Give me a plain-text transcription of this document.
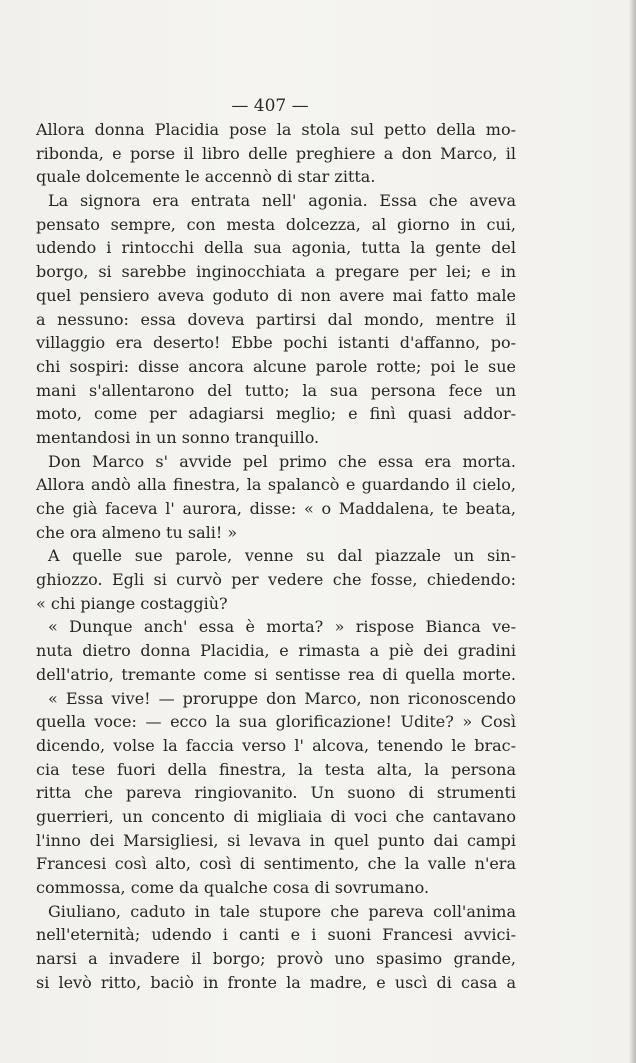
— 407 —
Allora donna Placidia pose la stola sul petto della mo-
ribonda, e porse il libro delle preghiere a don Marco, il
quale dolcemente le accennò di star zitta.
La signora era entrata nell' agonia. Essa che aveva
pensato sempre, con mesta dolcezza, al giorno in cui,
udendo i rintocchi della sua agonia, tutta la gente del
borgo, si sarebbe inginocchiata a pregare per lei; e in
quel pensiero aveva goduto di non avere mai fatto male
a nessuno: essa doveva partirsi dal mondo, mentre il
villaggio era deserto! Ebbe pochi istanti d'affanno, po-
chi sospiri: disse ancora alcune parole rotte; poi le sue
mani s'allentarono del tutto; la sua persona fece un
moto, come per adagiarsi meglio; e finì quasi addor-
mentandosi in un sonno tranquillo.
Don Marco s' avvide pel primo che essa era morta.
Allora andò alla finestra, la spalancò e guardando il cielo,
che già faceva l' aurora, disse: « o Maddalena, te beata,
che ora almeno tu sali! »
A quelle sue parole, venne su dal piazzale un sin-
ghiozzo. Egli si curvò per vedere che fosse, chiedendo:
« chi piange costaggiù?
« Dunque anch' essa è morta? » rispose Bianca ve-
nuta dietro donna Placidia, e rimasta a piè dei gradini
dell'atrio, tremante come si sentisse rea di quella morte.
« Essa vive! — proruppe don Marco, non riconoscendo
quella voce: — ecco la sua glorificazione! Udite? » Così
dicendo, volse la faccia verso l' alcova, tenendo le brac-
cia tese fuori della finestra, la testa alta, la persona
ritta che pareva ringiovanito. Un suono di strumenti
guerrieri, un concento di migliaia di voci che cantavano
l'inno dei Marsigliesi, si levava in quel punto dai campi
Francesi così alto, così di sentimento, che la valle n'era
commossa, come da qualche cosa di sovrumano.
Giuliano, caduto in tale stupore che pareva coll'anima
nell'eternità; udendo i canti e i suoni Francesi avvici-
narsi a invadere il borgo; provò uno spasimo grande,
si levò ritto, baciò in fronte la madre, e uscì di casa a
